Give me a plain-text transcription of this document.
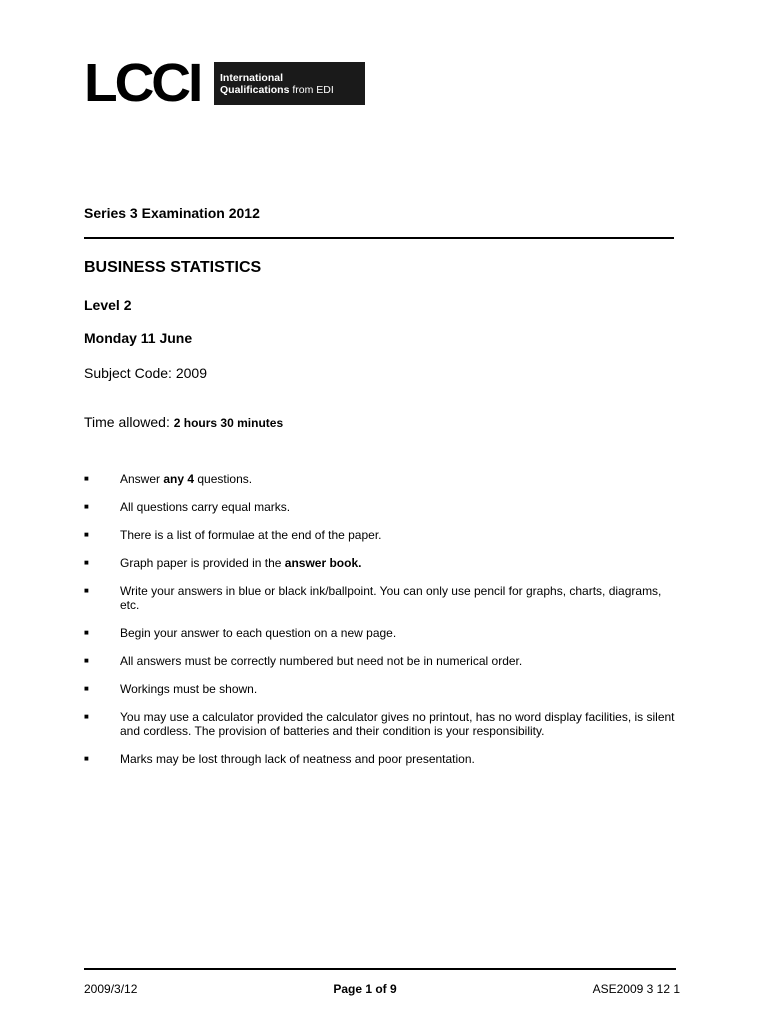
LCCI	International
Qualifications from EDI
Series 3 Examination 2012
BUSINESS STATISTICS
Level 2
Monday 11 June
Subject Code: 2009
Time allowed: 2 hours 30 minutes
■	Answer any 4 questions.
■	All questions carry equal marks.
■	There is a list of formulae at the end of the paper.
■	Graph paper is provided in the answer book.
■	Write your answers in blue or black ink/ballpoint. You can only use pencil for graphs, charts, diagrams, etc.
■	Begin your answer to each question on a new page.
■	All answers must be correctly numbered but need not be in numerical order.
■	Workings must be shown.
■	You may use a calculator provided the calculator gives no printout, has no word display facilities, is silent and cordless. The provision of batteries and their condition is your responsibility.
■	Marks may be lost through lack of neatness and poor presentation.
2009/3/12	Page 1 of 9	ASE2009 3 12 1
